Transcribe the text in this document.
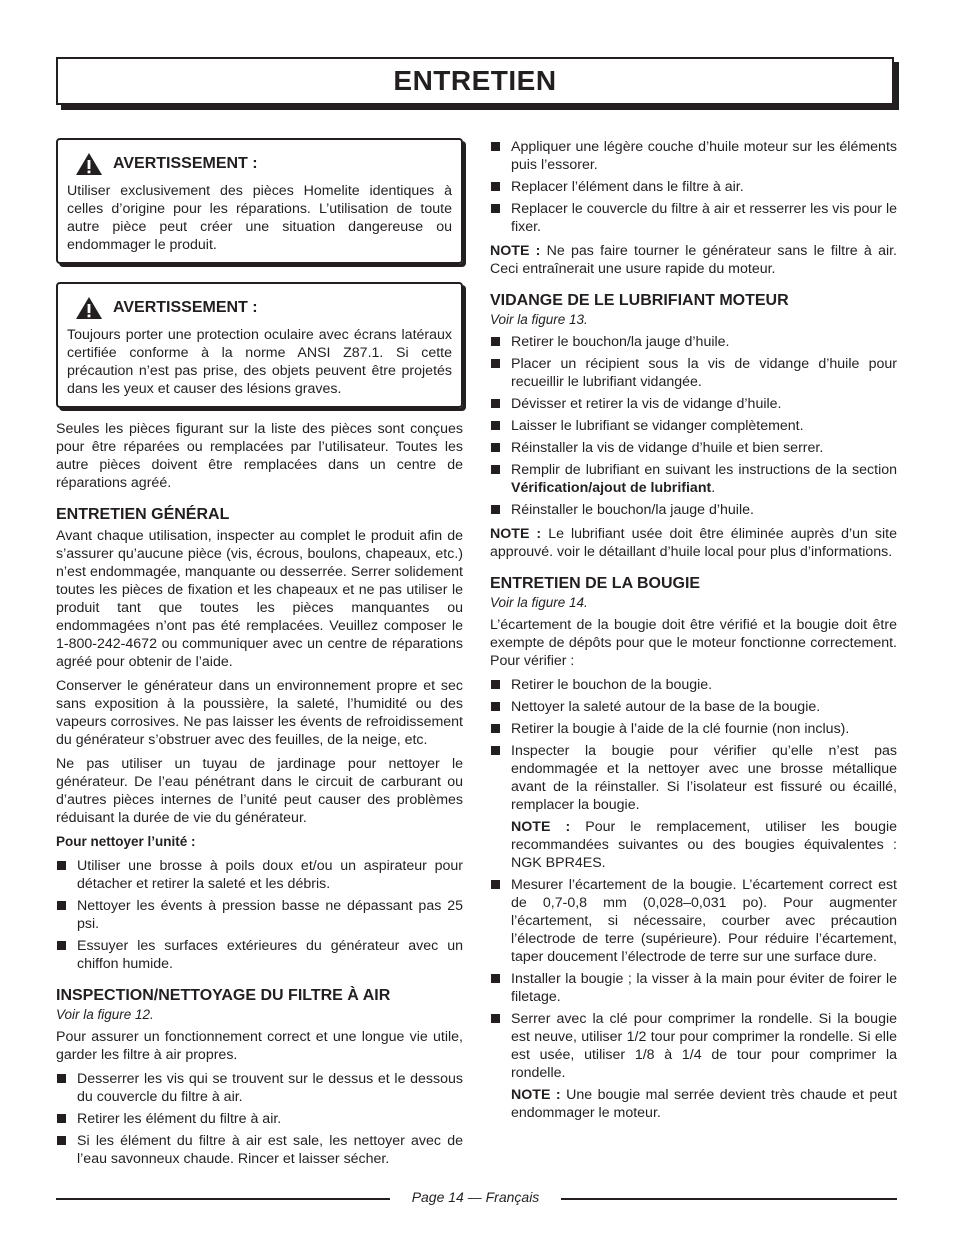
ENTRETIEN
AVERTISSEMENT :

Utiliser exclusivement des pièces Homelite identiques à celles d’origine pour les réparations. L’utilisation de toute autre pièce peut créer une situation dangereuse ou endommager le produit.

AVERTISSEMENT :

Toujours porter une protection oculaire avec écrans latéraux certifiée conforme à la norme ANSI Z87.1. Si cette précaution n’est pas prise, des objets peuvent être projetés dans les yeux et causer des lésions graves.

Seules les pièces figurant sur la liste des pièces sont conçues pour être réparées ou remplacées par l’utilisateur. Toutes les autre pièces doivent être remplacées dans un centre de réparations agréé.

ENTRETIEN GÉNÉRAL

Avant chaque utilisation, inspecter au complet le produit afin de s’assurer qu’aucune pièce (vis, écrous, boulons, chapeaux, etc.) n’est endommagée, manquante ou desserrée. Serrer solidement toutes les pièces de fixation et les chapeaux et ne pas utiliser le produit tant que toutes les pièces manquantes ou endommagées n’ont pas été remplacées. Veuillez composer le 1-800-242-4672 ou communiquer avec un centre de réparations agréé pour obtenir de l’aide.

Conserver le générateur dans un environnement propre et sec sans exposition à la poussière, la saleté, l’humidité ou des vapeurs corrosives. Ne pas laisser les évents de refroidissement du générateur s’obstruer avec des feuilles, de la neige, etc.

Ne pas utiliser un tuyau de jardinage pour nettoyer le générateur. De l’eau pénétrant dans le circuit de carburant ou d’autres pièces internes de l’unité peut causer des problèmes réduisant la durée de vie du générateur.

Pour nettoyer l’unité :
Utiliser une brosse à poils doux et/ou un aspirateur pour détacher et retirer la saleté et les débris.
Nettoyer les évents à pression basse ne dépassant pas 25 psi.
Essuyer les surfaces extérieures du générateur avec un chiffon humide.
INSPECTION/NETTOYAGE DU FILTRE À AIR
Voir la figure 12.

Pour assurer un fonctionnement correct et une longue vie utile, garder les filtre à air propres.

Desserrer les vis qui se trouvent sur le dessus et le dessous du couvercle du filtre à air.
Retirer les élément du filtre à air.
Si les élément du filtre à air est sale, les nettoyer avec de l’eau savonneux chaude. Rincer et laisser sécher.
Appliquer une légère couche d’huile moteur sur les éléments puis l’essorer.
Replacer l’élément dans le filtre à air.
Replacer le couvercle du filtre à air et resserrer les vis pour le fixer.

NOTE : Ne pas faire tourner le générateur sans le filtre à air. Ceci entraînerait une usure rapide du moteur.

VIDANGE DE LE LUBRIFIANT MOTEUR
Voir la figure 13.
Retirer le bouchon/la jauge d’huile.
Placer un récipient sous la vis de vidange d’huile pour recueillir le lubrifiant vidangée.
Dévisser et retirer la vis de vidange d’huile.
Laisser le lubrifiant se vidanger complètement.
Réinstaller la vis de vidange d’huile et bien serrer.
Remplir de lubrifiant en suivant les instructions de la section Vérification/ajout de lubrifiant.
Réinstaller le bouchon/la jauge d’huile.

NOTE : Le lubrifiant usée doit être éliminée auprès d’un site approuvé. voir le détaillant d’huile local pour plus d’informations.

ENTRETIEN DE LA BOUGIE
Voir la figure 14.

L’écartement de la bougie doit être vérifié et la bougie doit être exempte de dépôts pour que le moteur fonctionne correctement. Pour vérifier :

Retirer le bouchon de la bougie.
Nettoyer la saleté autour de la base de la bougie.
Retirer la bougie à l’aide de la clé fournie (non inclus).
Inspecter la bougie pour vérifier qu’elle n’est pas endommagée et la nettoyer avec une brosse métallique avant de la réinstaller. Si l’isolateur est fissuré ou écaillé, remplacer la bougie.
NOTE : Pour le remplacement, utiliser les bougie recommandées suivantes ou des bougies équivalentes : NGK BPR4ES.
Mesurer l’écartement de la bougie. L’écartement correct est de 0,7-0,8 mm (0,028–0,031 po). Pour augmenter l’écartement, si nécessaire, courber avec précaution l’électrode de terre (supérieure). Pour réduire l’écartement, taper doucement l’électrode de terre sur une surface dure.
Installer la bougie ; la visser à la main pour éviter de foirer le filetage.
Serrer avec la clé pour comprimer la rondelle. Si la bougie est neuve, utiliser 1/2 tour pour comprimer la rondelle. Si elle est usée, utiliser 1/8 à 1/4 de tour pour comprimer la rondelle.
NOTE : Une bougie mal serrée devient très chaude et peut endommager le moteur.
Page 14 — Français
